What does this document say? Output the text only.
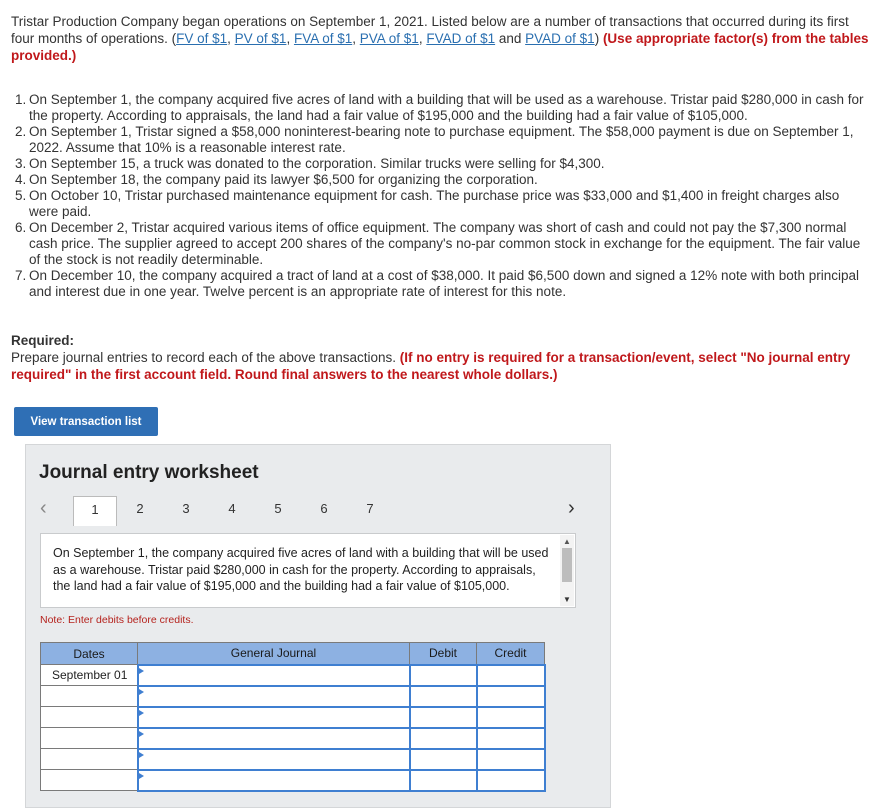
Tristar Production Company began operations on September 1, 2021. Listed below are a number of transactions that occurred during its first four months of operations. (FV of $1, PV of $1, FVA of $1, PVA of $1, FVAD of $1 and PVAD of $1) (Use appropriate factor(s) from the tables provided.)
1. On September 1, the company acquired five acres of land with a building that will be used as a warehouse. Tristar paid $280,000 in cash for the property. According to appraisals, the land had a fair value of $195,000 and the building had a fair value of $105,000.
2. On September 1, Tristar signed a $58,000 noninterest-bearing note to purchase equipment. The $58,000 payment is due on September 1, 2022. Assume that 10% is a reasonable interest rate.
3. On September 15, a truck was donated to the corporation. Similar trucks were selling for $4,300.
4. On September 18, the company paid its lawyer $6,500 for organizing the corporation.
5. On October 10, Tristar purchased maintenance equipment for cash. The purchase price was $33,000 and $1,400 in freight charges also were paid.
6. On December 2, Tristar acquired various items of office equipment. The company was short of cash and could not pay the $7,300 normal cash price. The supplier agreed to accept 200 shares of the company's no-par common stock in exchange for the equipment. The fair value of the stock is not readily determinable.
7. On December 10, the company acquired a tract of land at a cost of $38,000. It paid $6,500 down and signed a 12% note with both principal and interest due in one year. Twelve percent is an appropriate rate of interest for this note.
Required:
Prepare journal entries to record each of the above transactions. (If no entry is required for a transaction/event, select "No journal entry required" in the first account field. Round final answers to the nearest whole dollars.)
View transaction list
Journal entry worksheet
‹	›
1	2	3	4	5	6	7
On September 1, the company acquired five acres of land with a building that will be used as a warehouse. Tristar paid $280,000 in cash for the property. According to appraisals, the land had a fair value of $195,000 and the building had a fair value of $105,000.
▲
▼
Note: Enter debits before credits.
Dates	General Journal	Debit	Credit
September 01			
